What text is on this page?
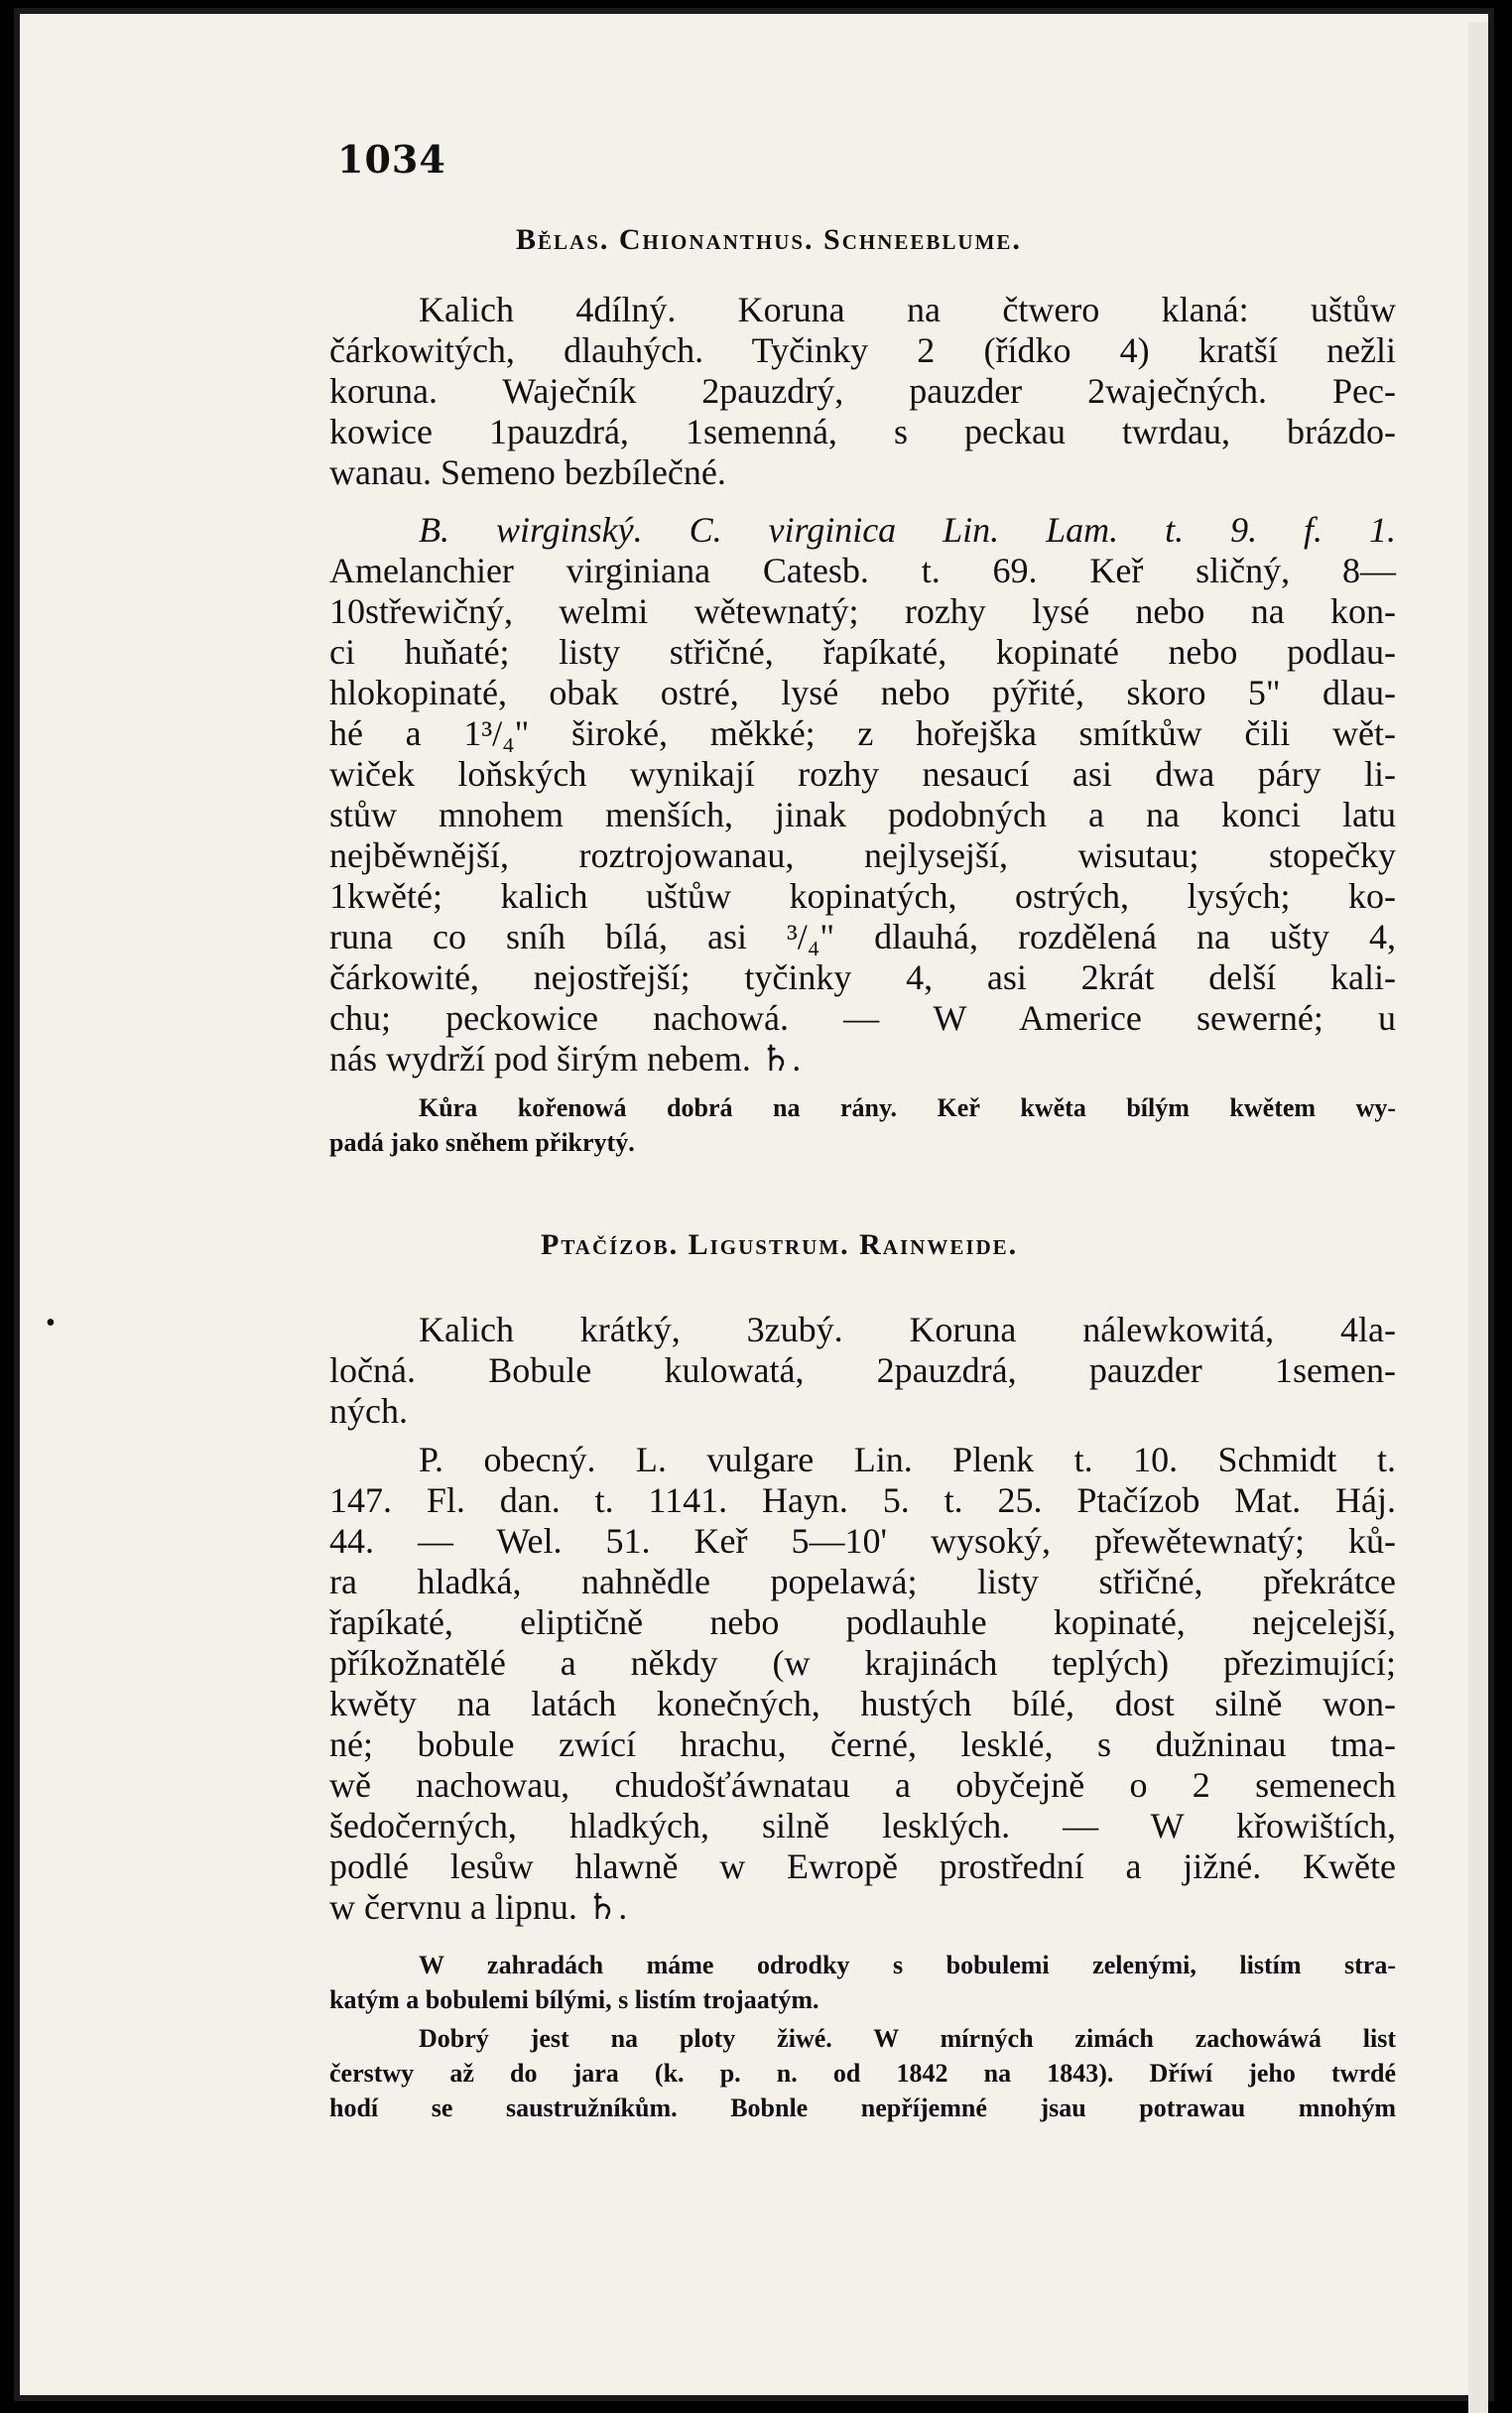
1034
Bělas. Chionanthus. Schneeblume.
Kalich 4dílný. Koruna na čtwero klaná: uštůw
čárkowitých, dlauhých. Tyčinky 2 (řídko 4) kratší nežli
koruna. Waječník 2pauzdrý, pauzder 2waječných. Pec-
kowice 1pauzdrá, 1semenná, s peckau twrdau, brázdo-
wanau. Semeno bezbílečné.
B. wirginský. C. virginica Lin. Lam. t. 9. f. 1.
Amelanchier virginiana Catesb. t. 69. Keř sličný, 8—
10střewičný, welmi wětewnatý; rozhy lysé nebo na kon-
ci huňaté; listy střičné, řapíkaté, kopinaté nebo podlau-
hlokopinaté, obak ostré, lysé nebo pýřité, skoro 5" dlau-
hé a 1³/₄" široké, měkké; z hořejška smítkůw čili wět-
wiček loňských wynikají rozhy nesaucí asi dwa páry li-
stůw mnohem menších, jinak podobných a na konci latu
nejběwnější, roztrojowanau, nejlysejší, wisutau; stopečky
1kwěté; kalich uštůw kopinatých, ostrých, lysých; ko-
runa co sníh bílá, asi ³/₄" dlauhá, rozdělená na ušty 4,
čárkowité, nejostřejší; tyčinky 4, asi 2krát delší kali-
chu; peckowice nachowá. — W Americe sewerné; u
nás wydrží pod širým nebem. ♄.
Kůra kořenowá dobrá na rány. Keř kwěta bílým kwětem wy-
padá jako sněhem přikrytý.
Ptačízob. Ligustrum. Rainweide.
•	Kalich krátký, 3zubý. Koruna nálewkowitá, 4la-
ločná. Bobule kulowatá, 2pauzdrá, pauzder 1semen-
ných.
P. obecný. L. vulgare Lin. Plenk t. 10. Schmidt t.
147. Fl. dan. t. 1141. Hayn. 5. t. 25. Ptačízob Mat. Háj.
44. — Wel. 51. Keř 5—10' wysoký, přewětewnatý; ků-
ra hladká, nahnědle popelawá; listy střičné, překrátce
řapíkaté, eliptičně nebo podlauhle kopinaté, nejcelejší,
příkožnatělé a někdy (w krajinách teplých) přezimující;
kwěty na latách konečných, hustých bílé, dost silně won-
né; bobule zwící hrachu, černé, lesklé, s dužninau tma-
wě nachowau, chudošťáwnatau a obyčejně o 2 semenech
šedočerných, hladkých, silně lesklých. — W křowištích,
podlé lesůw hlawně w Ewropě prostřední a jižné. Kwěte
w červnu a lipnu. ♄.
W zahradách máme odrodky s bobulemi zelenými, listím stra-
katým a bobulemi bílými, s listím trojaatým.
Dobrý jest na ploty žiwé. W mírných zimách zachowáwá list
čerstwy až do jara (k. p. n. od 1842 na 1843). Dříwí jeho twrdé
hodí se saustružníkům. Bobnle nepříjemné jsau potrawau mnohým
